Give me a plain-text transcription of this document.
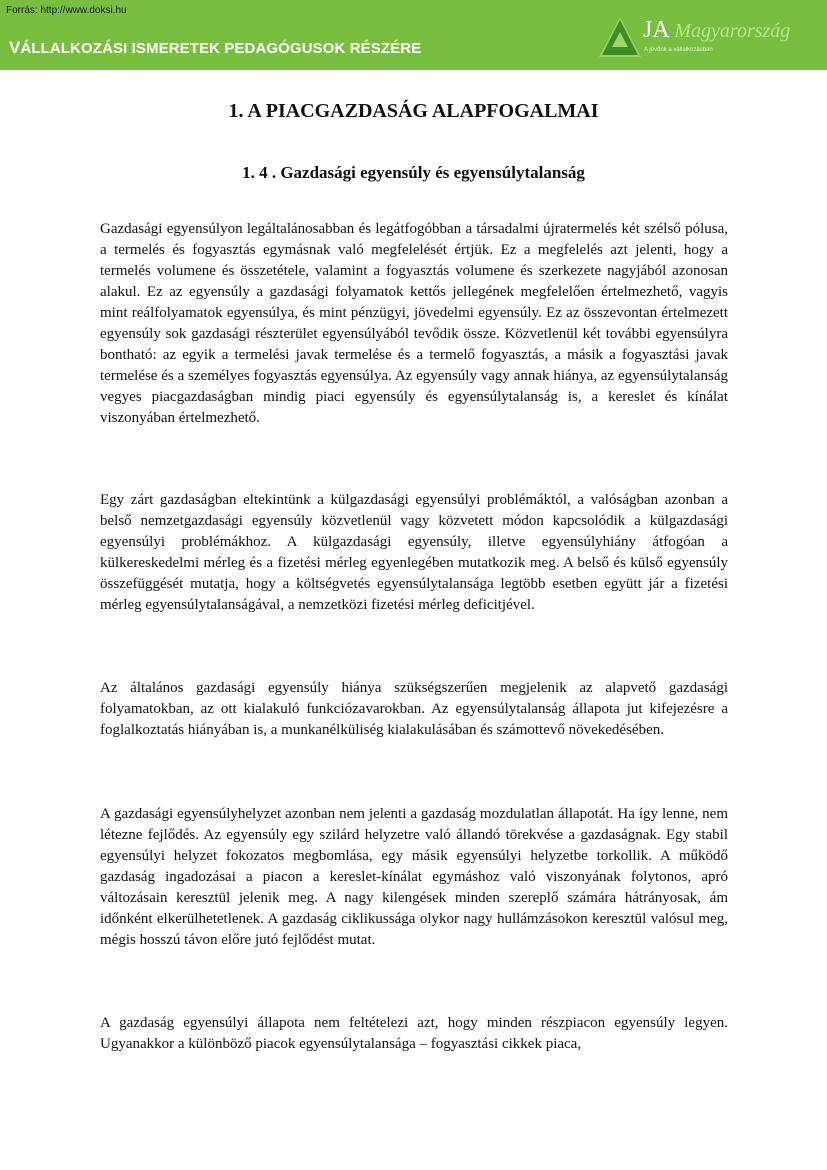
Forrás: http://www.doksi.hu
VÁLLALKOZÁSI ISMERETEK PEDAGÓGUSOK RÉSZÉRE
JA Magyarország
A jövőnk a vállalkozásban
1. A PIACGAZDASÁG ALAPFOGALMAI
1. 4 . Gazdasági egyensúly és egyensúlytalanság

Gazdasági egyensúlyon legáltalánosabban és legátfogóbban a társadalmi újratermelés két szélső pólusa, a termelés és fogyasztás egymásnak való megfelelését értjük. Ez a megfelelés azt jelenti, hogy a termelés volumene és összetétele, valamint a fogyasztás volumene és szerkezete nagyjából azonosan alakul. Ez az egyensúly a gazdasági folyamatok kettős jellegének megfelelően értelmezhető, vagyis mint reálfolyamatok egyensúlya, és mint pénzügyi, jövedelmi egyensúly. Ez az összevontan értelmezett egyensúly sok gazdasági részterület egyensúlyából tevődik össze. Közvetlenül két további egyensúlyra bontható: az egyik a termelési javak termelése és a termelő fogyasztás, a másik a fogyasztási javak termelése és a személyes fogyasztás egyensúlya. Az egyensúly vagy annak hiánya, az egyensúlytalanság vegyes piacgazdaságban mindig piaci egyensúly és egyensúlytalanság is, a kereslet és kínálat viszonyában értelmezhető.

Egy zárt gazdaságban eltekintünk a külgazdasági egyensúlyi problémáktól, a valóságban azonban a belső nemzetgazdasági egyensúly közvetlenül vagy közvetett módon kapcsolódik a külgazdasági egyensúlyi problémákhoz. A külgazdasági egyensúly, illetve egyensúlyhiány átfogóan a külkereskedelmi mérleg és a fizetési mérleg egyenlegében mutatkozik meg. A belső és külső egyensúly összefüggését mutatja, hogy a költségvetés egyensúlytalansága legtöbb esetben együtt jár a fizetési mérleg egyensúlytalanságával, a nemzetközi fizetési mérleg deficitjével.

Az általános gazdasági egyensúly hiánya szükségszerűen megjelenik az alapvető gazdasági folyamatokban, az ott kialakuló funkciózavarokban. Az egyensúlytalanság állapota jut kifejezésre a foglalkoztatás hiányában is, a munkanélküliség kialakulásában és számottevő növekedésében.

A gazdasági egyensúlyhelyzet azonban nem jelenti a gazdaság mozdulatlan állapotát. Ha így lenne, nem létezne fejlődés. Az egyensúly egy szilárd helyzetre való állandó törekvése a gazdaságnak. Egy stabil egyensúlyi helyzet fokozatos megbomlása, egy másik egyensúlyi helyzetbe torkollik. A működő gazdaság ingadozásai a piacon a kereslet-kínálat egymáshoz való viszonyának folytonos, apró változásain keresztül jelenik meg. A nagy kilengések minden szereplő számára hátrányosak, ám időnként elkerülhetetlenek. A gazdaság ciklikussága olykor nagy hullámzásokon keresztül valósul meg, mégis hosszú távon előre jutó fejlődést mutat.

A gazdaság egyensúlyi állapota nem feltételezi azt, hogy minden részpiacon egyensúly legyen. Ugyanakkor a különböző piacok egyensúlytalansága – fogyasztási cikkek piaca,
